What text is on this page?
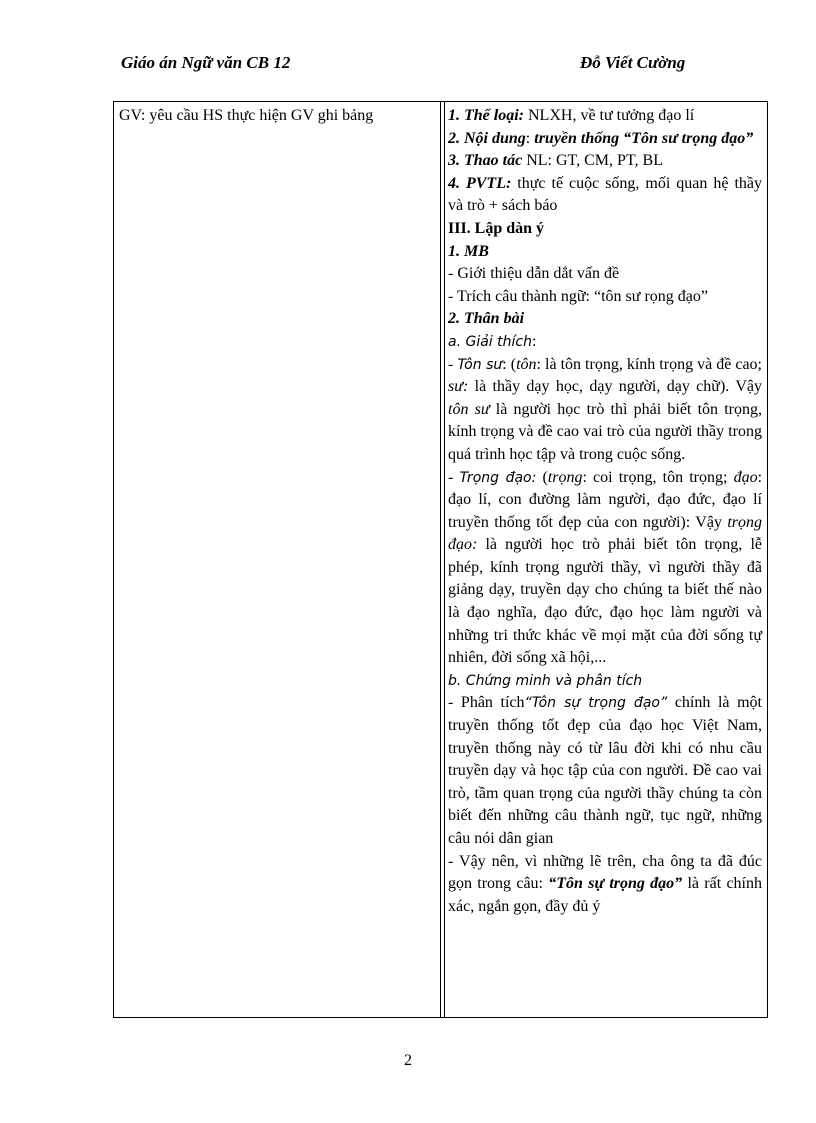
Giáo án Ngữ văn CB 12	Đỗ Viết Cường
GV: yêu cầu HS thực hiện GV ghi bảng	1. Thể loại: NLXH, về tư tưởng đạo lí

2. Nội dung: truyền thống “Tôn sư trọng đạo”

3. Thao tác NL: GT, CM, PT, BL

4. PVTL: thực tế cuộc sống, mối quan hệ thầy và trò + sách báo

III. Lập dàn ý

1. MB

- Giới thiệu dẫn dắt vấn đề

- Trích câu thành ngữ: “tôn sư rọng đạo”

2. Thân bài

a. Giải thích:

- Tôn sư: (tôn: là tôn trọng, kính trọng và đề cao; sư: là thầy dạy học, dạy người, dạy chữ). Vậy tôn sư là người học trò thì phải biết tôn trọng, kính trọng và đề cao vai trò của người thầy trong quá trình học tập và trong cuộc sống.

- Trọng đạo: (trọng: coi trọng, tôn trọng; đạo: đạo lí, con đường làm người, đạo đức, đạo lí truyền thống tốt đẹp của con người): Vậy trọng đạo: là người học trò phải biết tôn trọng, lễ phép, kính trọng người thầy, vì người thầy đã giảng dạy, truyền dạy cho chúng ta biết thế nào là đạo nghĩa, đạo đức, đạo học làm người và những tri thức khác về mọi mặt của đời sống tự nhiên, đời sống xã hội,...

b. Chứng minh và phân tích

- Phân tích“Tôn sự trọng đạo” chính là một truyền thống tốt đẹp của đạo học Việt Nam, truyền thống này có từ lâu đời khi có nhu cầu truyền dạy và học tập của con người. Đề cao vai trò, tầm quan trọng của người thầy chúng ta còn biết đến những câu thành ngữ, tục ngữ, những câu nói dân gian

- Vậy nên, vì những lẽ trên, cha ông ta đã đúc gọn trong câu: “Tôn sự trọng đạo” là rất chính xác, ngắn gọn, đầy đủ ý

2
